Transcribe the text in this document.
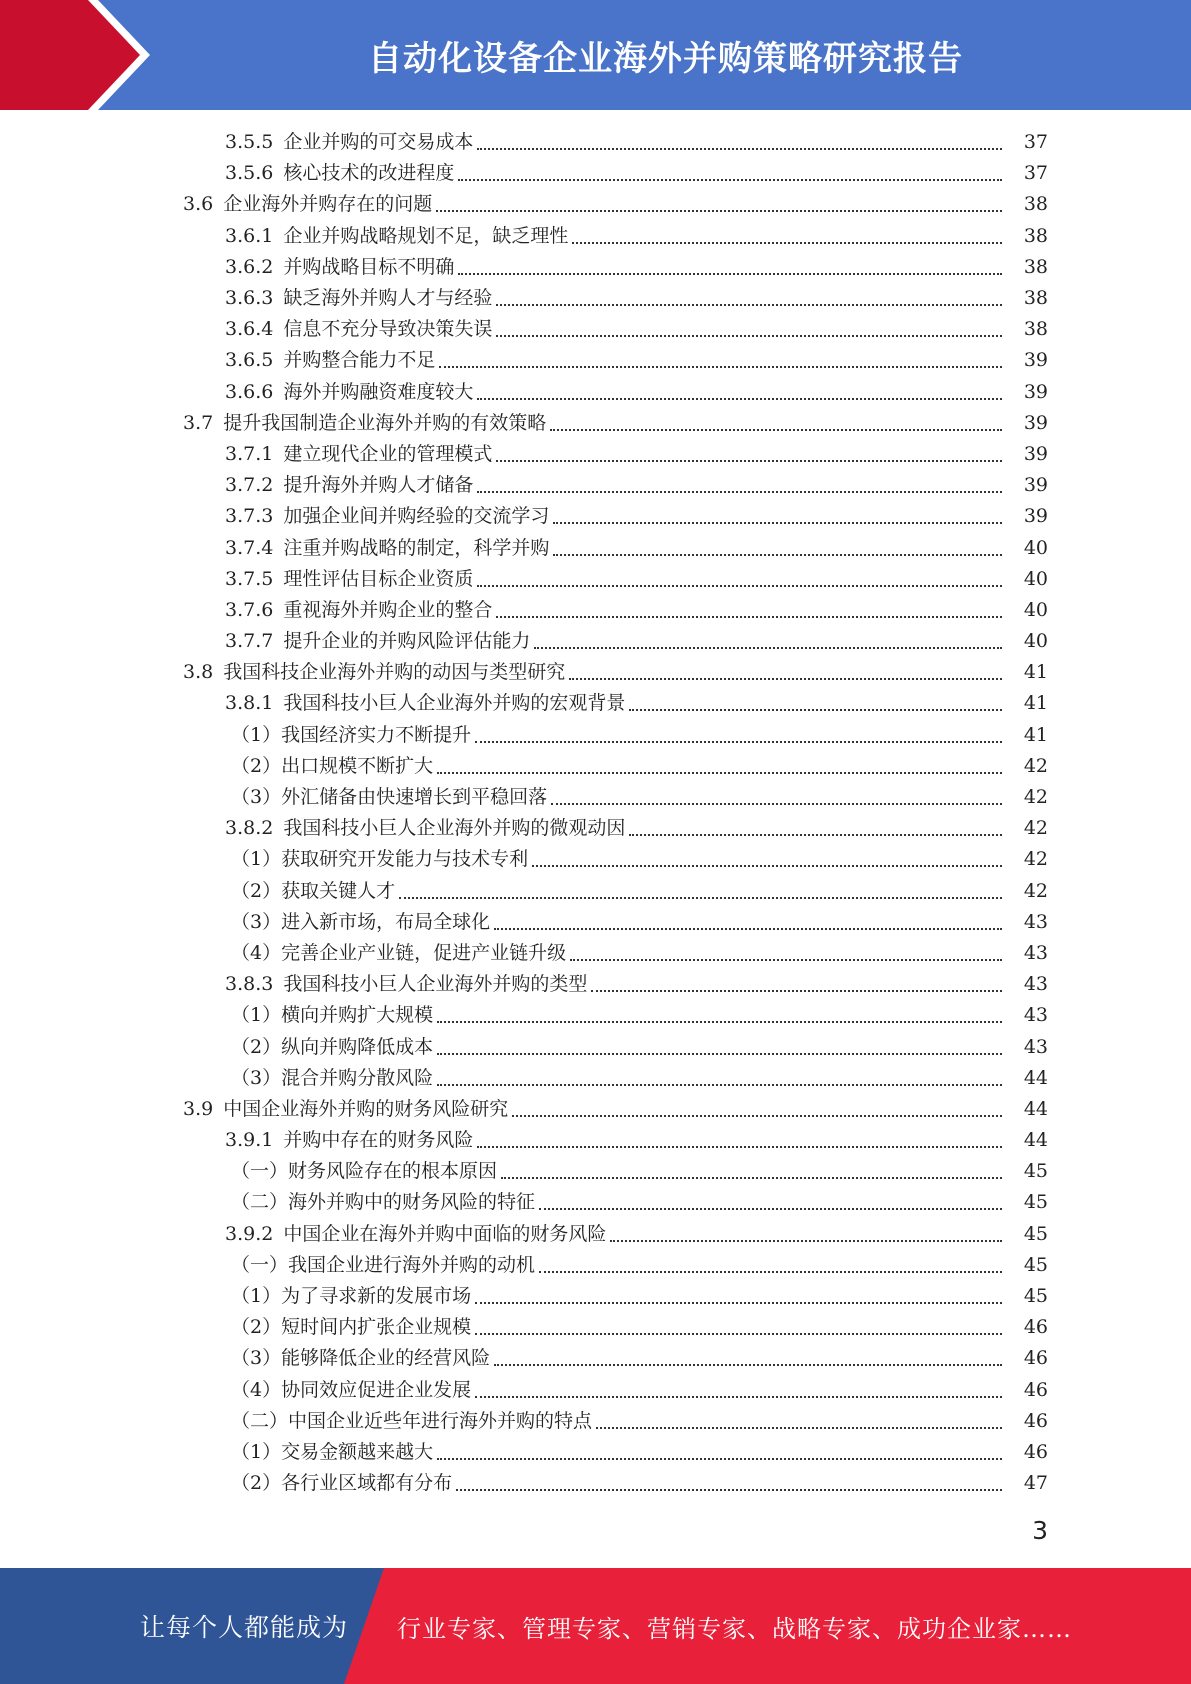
自动化设备企业海外并购策略研究报告
3.5.5 企业并购的可交易成本	37
3.5.6 核心技术的改进程度	37
3.6 企业海外并购存在的问题	38
3.6.1 企业并购战略规划不足，缺乏理性	38
3.6.2 并购战略目标不明确	38
3.6.3 缺乏海外并购人才与经验	38
3.6.4 信息不充分导致决策失误	38
3.6.5 并购整合能力不足	39
3.6.6 海外并购融资难度较大	39
3.7 提升我国制造企业海外并购的有效策略	39
3.7.1 建立现代企业的管理模式	39
3.7.2 提升海外并购人才储备	39
3.7.3 加强企业间并购经验的交流学习	39
3.7.4 注重并购战略的制定，科学并购	40
3.7.5 理性评估目标企业资质	40
3.7.6 重视海外并购企业的整合	40
3.7.7 提升企业的并购风险评估能力	40
3.8 我国科技企业海外并购的动因与类型研究	41
3.8.1 我国科技小巨人企业海外并购的宏观背景	41
（1） 我国经济实力不断提升	41
（2） 出口规模不断扩大	42
（3） 外汇储备由快速增长到平稳回落	42
3.8.2 我国科技小巨人企业海外并购的微观动因	42
（1） 获取研究开发能力与技术专利	42
（2） 获取关键人才	42
（3） 进入新市场，布局全球化	43
（4） 完善企业产业链，促进产业链升级	43
3.8.3 我国科技小巨人企业海外并购的类型	43
（1） 横向并购扩大规模	43
（2） 纵向并购降低成本	43
（3） 混合并购分散风险	44
3.9 中国企业海外并购的财务风险研究	44
3.9.1 并购中存在的财务风险	44
（一） 财务风险存在的根本原因	45
（二） 海外并购中的财务风险的特征	45
3.9.2 中国企业在海外并购中面临的财务风险	45
（一） 我国企业进行海外并购的动机	45
（1） 为了寻求新的发展市场	45
（2） 短时间内扩张企业规模	46
（3） 能够降低企业的经营风险	46
（4） 协同效应促进企业发展	46
（二） 中国企业近些年进行海外并购的特点	46
（1） 交易金额越来越大	46
（2） 各行业区域都有分布	47
3
让每个人都能成为 行业专家、管理专家、营销专家、战略专家、成功企业家……
